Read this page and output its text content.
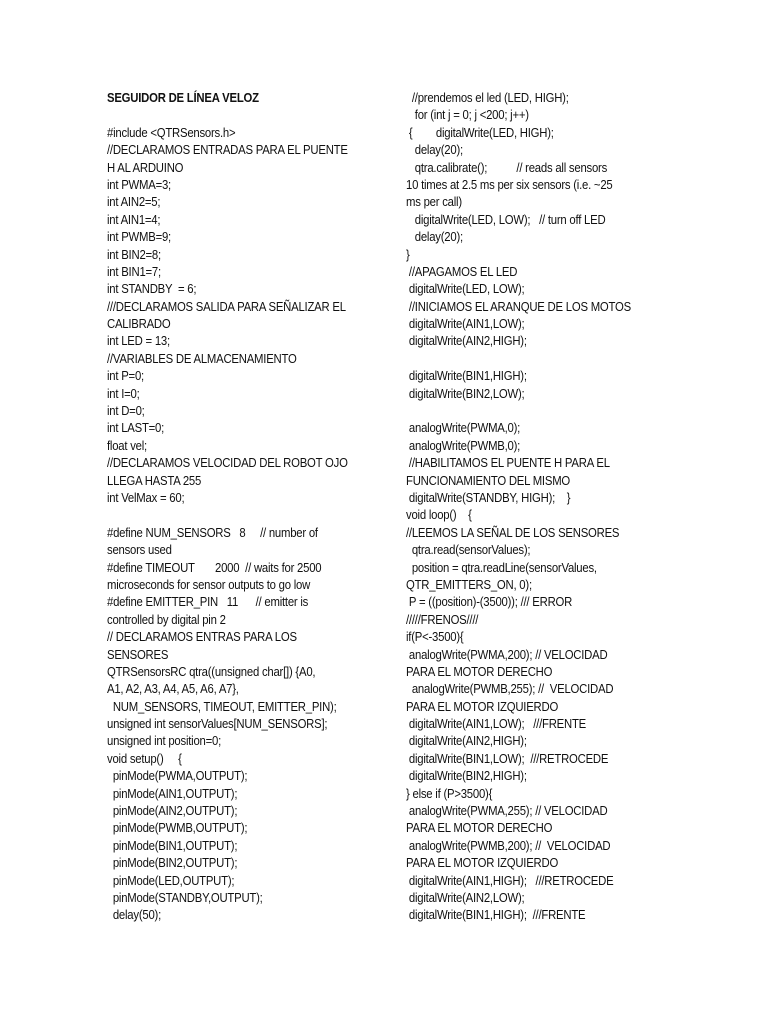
SEGUIDOR DE LÍNEA VELOZ
#include <QTRSensors.h>
//DECLARAMOS ENTRADAS PARA EL PUENTE
H AL ARDUINO
int PWMA=3;
int AIN2=5;
int AIN1=4;
int PWMB=9;
int BIN2=8;
int BIN1=7;
int STANDBY  = 6;
///DECLARAMOS SALIDA PARA SEÑALIZAR EL
CALIBRADO
int LED = 13;
//VARIABLES DE ALMACENAMIENTO
int P=0;
int I=0;
int D=0;
int LAST=0;
float vel;
//DECLARAMOS VELOCIDAD DEL ROBOT OJO
LLEGA HASTA 255
int VelMax = 60;
#define NUM_SENSORS   8     // number of
sensors used
#define TIMEOUT       2000  // waits for 2500
microseconds for sensor outputs to go low
#define EMITTER_PIN   11      // emitter is
controlled by digital pin 2
// DECLARAMOS ENTRAS PARA LOS
SENSORES
QTRSensorsRC qtra((unsigned char[]) {A0,
A1, A2, A3, A4, A5, A6, A7},
NUM_SENSORS, TIMEOUT, EMITTER_PIN);
unsigned int sensorValues[NUM_SENSORS];
unsigned int position=0;
void setup()     {
pinMode(PWMA,OUTPUT);
pinMode(AIN1,OUTPUT);
pinMode(AIN2,OUTPUT);
pinMode(PWMB,OUTPUT);
pinMode(BIN1,OUTPUT);
pinMode(BIN2,OUTPUT);
pinMode(LED,OUTPUT);
pinMode(STANDBY,OUTPUT);
delay(50);
//prendemos el led (LED, HIGH);
for (int j = 0; j <200; j++)
{        digitalWrite(LED, HIGH);
delay(20);
qtra.calibrate();          // reads all sensors
10 times at 2.5 ms per six sensors (i.e. ~25
ms per call)
digitalWrite(LED, LOW);   // turn off LED
delay(20);
}
//APAGAMOS EL LED
digitalWrite(LED, LOW);
//INICIAMOS EL ARANQUE DE LOS MOTOS
digitalWrite(AIN1,LOW);
digitalWrite(AIN2,HIGH);
digitalWrite(BIN1,HIGH);
digitalWrite(BIN2,LOW);
analogWrite(PWMA,0);
analogWrite(PWMB,0);
//HABILITAMOS EL PUENTE H PARA EL
FUNCIONAMIENTO DEL MISMO
digitalWrite(STANDBY, HIGH);    }
void loop()    {
//LEEMOS LA SEÑAL DE LOS SENSORES
qtra.read(sensorValues);
position = qtra.readLine(sensorValues,
QTR_EMITTERS_ON, 0);
P = ((position)-(3500)); /// ERROR
/////FRENOS////
if(P<-3500){
analogWrite(PWMA,200); // VELOCIDAD
PARA EL MOTOR DERECHO
analogWrite(PWMB,255); //  VELOCIDAD
PARA EL MOTOR IZQUIERDO
digitalWrite(AIN1,LOW);   ///FRENTE
digitalWrite(AIN2,HIGH);
digitalWrite(BIN1,LOW);  ///RETROCEDE
digitalWrite(BIN2,HIGH);
} else if (P>3500){
analogWrite(PWMA,255); // VELOCIDAD
PARA EL MOTOR DERECHO
analogWrite(PWMB,200); //  VELOCIDAD
PARA EL MOTOR IZQUIERDO
digitalWrite(AIN1,HIGH);   ///RETROCEDE
digitalWrite(AIN2,LOW);
digitalWrite(BIN1,HIGH);  ///FRENTE
